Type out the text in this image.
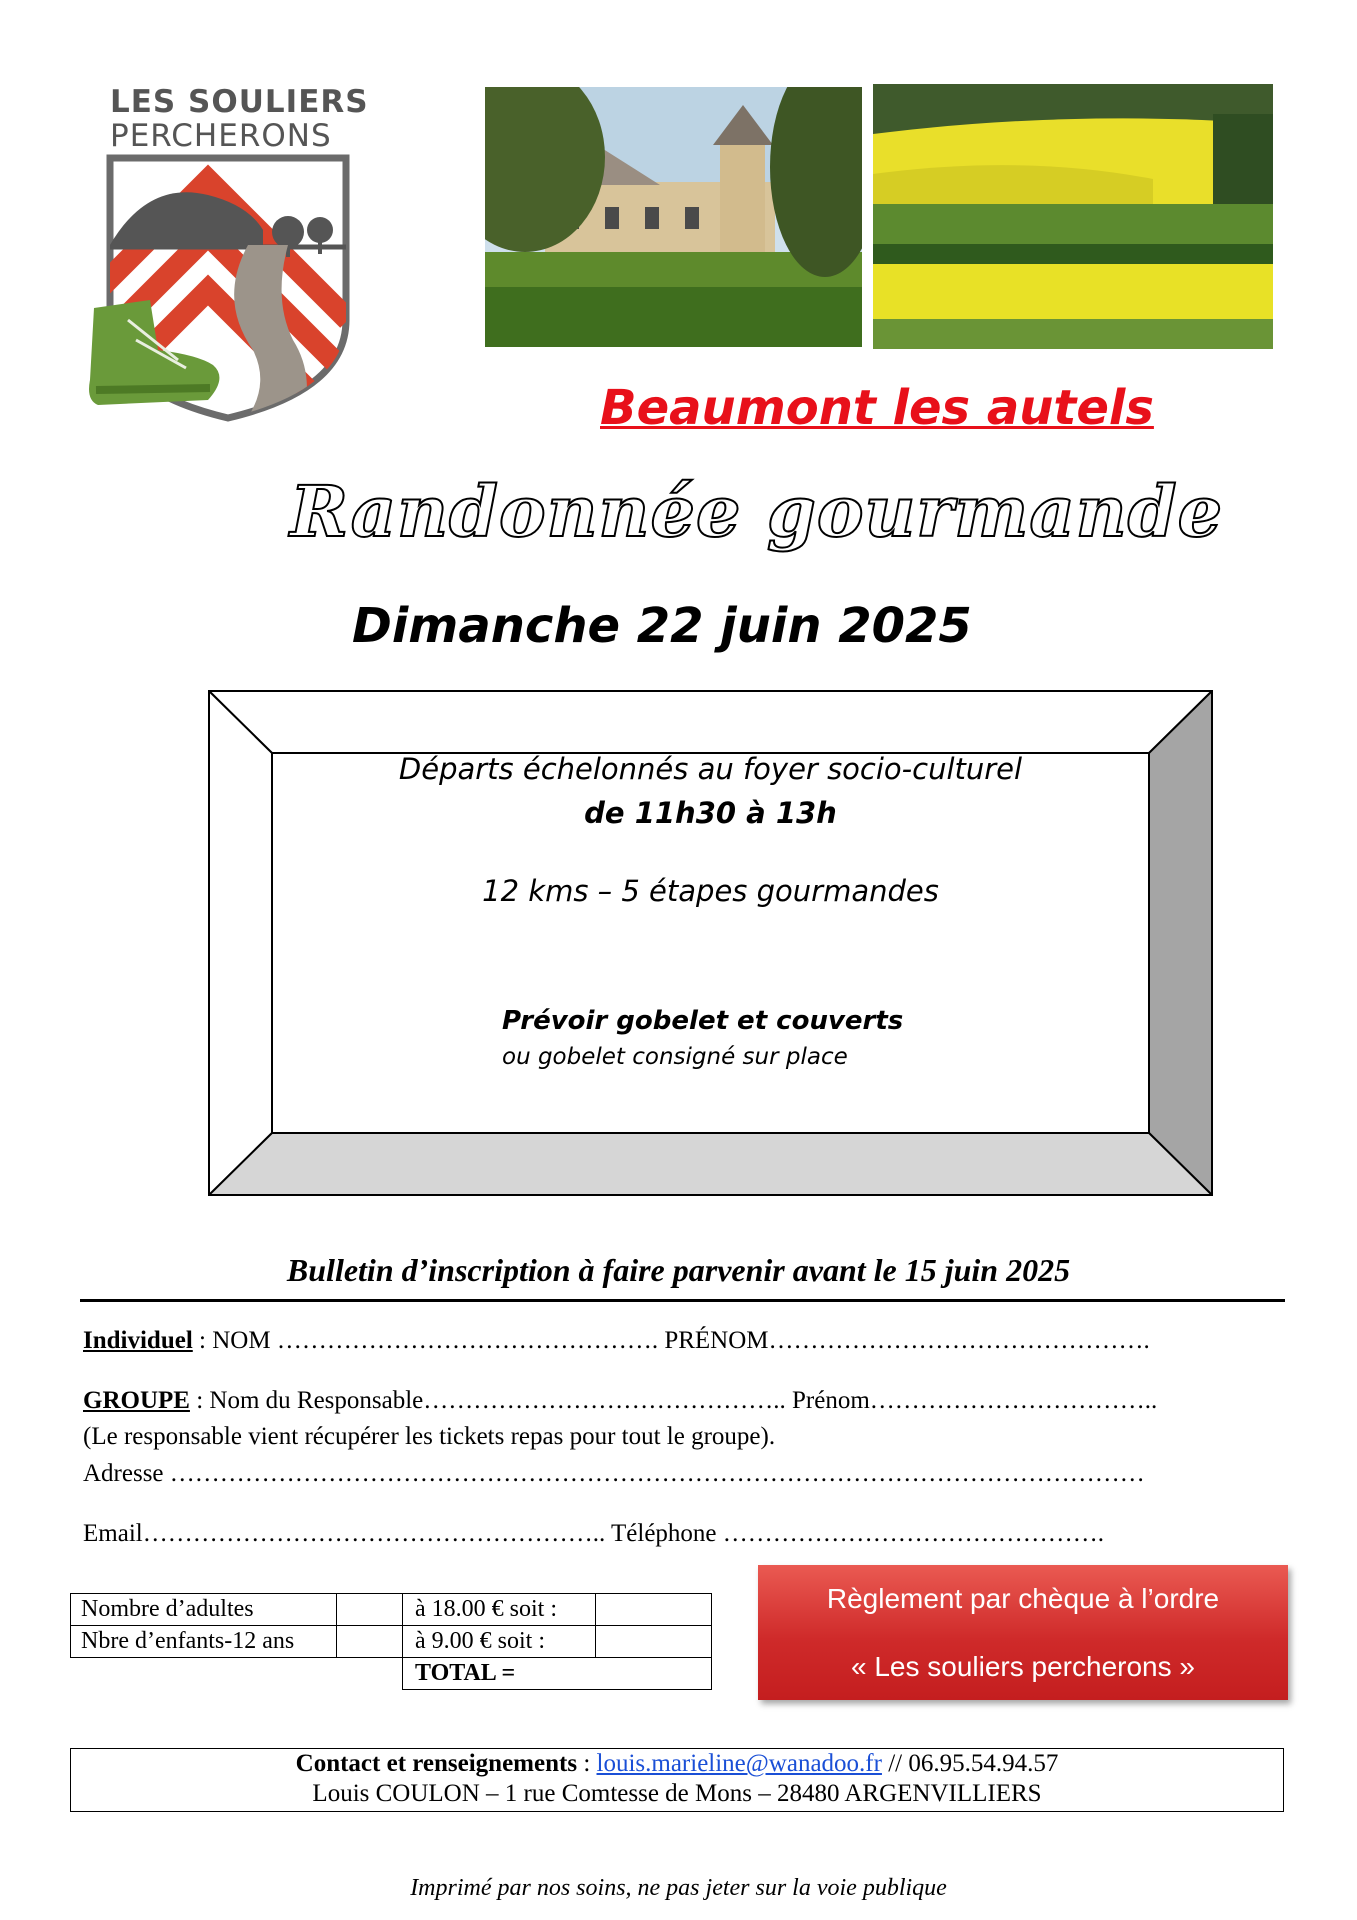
LES SOULIERS
PERCHERONS
Beaumont les autels
Randonnée gourmande
Dimanche 22 juin 2025
Départs échelonnés au foyer socio-culturel
de 11h30 à 13h
12 kms – 5 étapes gourmandes
Prévoir gobelet et couverts
ou gobelet consigné sur place
Bulletin d’inscription à faire parvenir avant le 15 juin 2025
Individuel : NOM ………………………………………. PRÉNOM……………………………………….
GROUPE : Nom du Responsable…………………………………….. Prénom……………………………..
(Le responsable vient récupérer les tickets repas pour tout le groupe).
Adresse ………………………………………………………………………………………………………
Email……………………………………………….. Téléphone ……………………………………….
Nombre d’adultes		à 18.00 € soit :	
Nbre d’enfants-12 ans		à 9.00 € soit :	
		TOTAL =	
Règlement par chèque à l’ordre
« Les souliers percherons »
Contact et renseignements : louis.marieline@wanadoo.fr // 06.95.54.94.57
Louis COULON – 1 rue Comtesse de Mons – 28480 ARGENVILLIERS
Imprimé par nos soins, ne pas jeter sur la voie publique
